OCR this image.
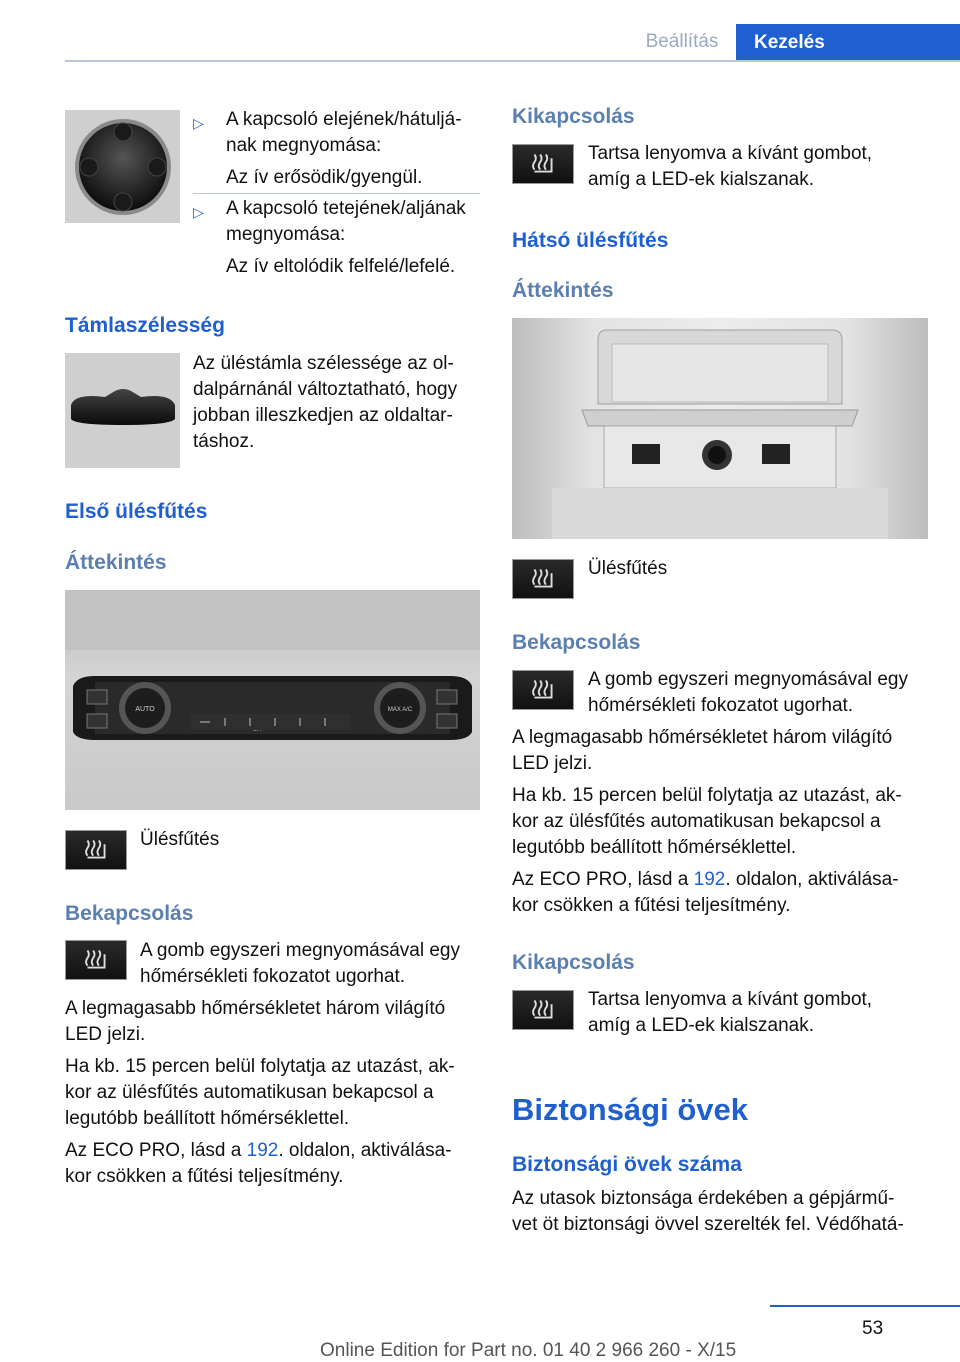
Beállítás	Kezelés
▷ A kapcsoló elejének/hátuljá‐
nak megnyomása:
Az ív erősödik/gyengül.
▷ A kapcsoló tetejének/aljának
megnyomása:
Az ív eltolódik felfelé/lefelé.
Támlaszélesség
Az üléstámla szélessége az ol‐
dalpárnánál változtatható, hogy
jobban illeszkedjen az oldaltar‐
táshoz.
Első ülésfűtés
Áttekintés
AUTO	MAX A/C
Ülésfűtés
Bekapcsolás
A gomb egyszeri megnyomásával egy
hőmérsékleti fokozatot ugorhat.
A legmagasabb hőmérsékletet három világító
LED jelzi.
Ha kb. 15 percen belül folytatja az utazást, ak‐
kor az ülésfűtés automatikusan bekapcsol a
legutóbb beállított hőmérséklettel.
Az ECO PRO, lásd a 192. oldalon, aktiválása‐
kor csökken a fűtési teljesítmény.
Kikapcsolás
Tartsa lenyomva a kívánt gombot,
amíg a LED-ek kialszanak.
Hátsó ülésfűtés
Áttekintés
Ülésfűtés
Bekapcsolás
A gomb egyszeri megnyomásával egy
hőmérsékleti fokozatot ugorhat.
A legmagasabb hőmérsékletet három világító
LED jelzi.
Ha kb. 15 percen belül folytatja az utazást, ak‐
kor az ülésfűtés automatikusan bekapcsol a
legutóbb beállított hőmérséklettel.
Az ECO PRO, lásd a 192. oldalon, aktiválása‐
kor csökken a fűtési teljesítmény.
Kikapcsolás
Tartsa lenyomva a kívánt gombot,
amíg a LED-ek kialszanak.
Biztonsági övek
Biztonsági övek száma
Az utasok biztonsága érdekében a gépjármű‐
vet öt biztonsági övvel szerelték fel. Védőhatá‐
53
Online Edition for Part no. 01 40 2 966 260 - X/15
